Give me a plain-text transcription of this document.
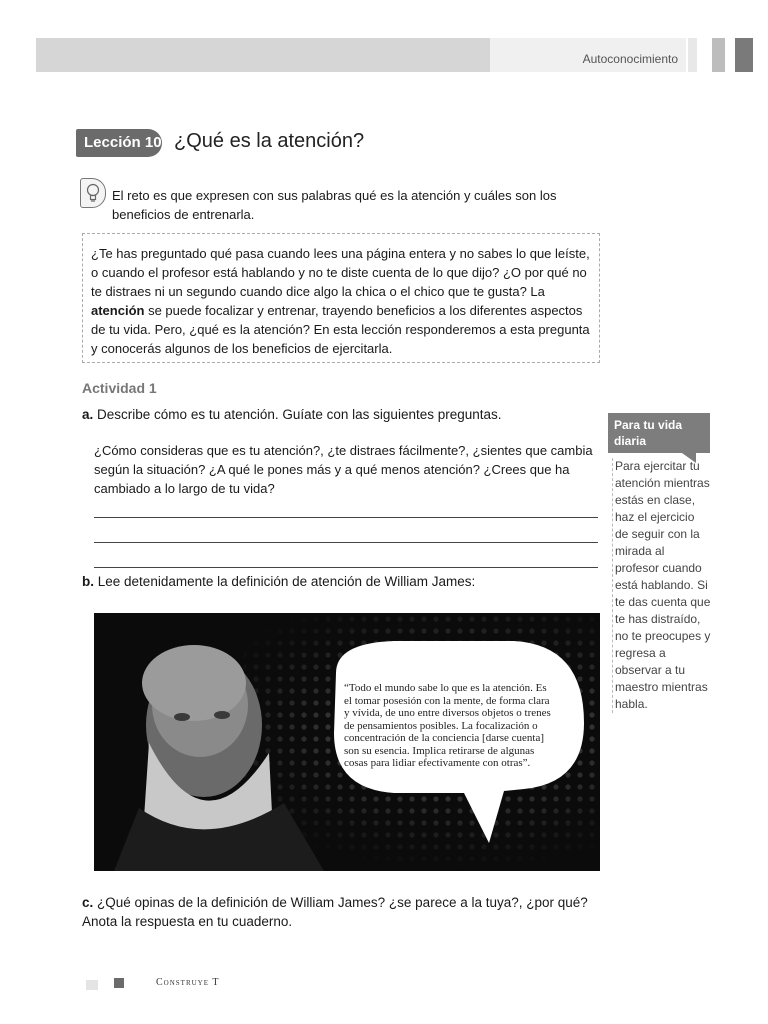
Autoconocimiento
Lección 10 ¿Qué es la atención?
El reto es que expresen con sus palabras qué es la atención y cuáles son los beneficios de entrenarla.
¿Te has preguntado qué pasa cuando lees una página entera y no sabes lo que leíste, o cuando el profesor está hablando y no te diste cuenta de lo que dijo? ¿O por qué no te distraes ni un segundo cuando dice algo la chica o el chico que te gusta? La atención se puede focalizar y entrenar, trayendo beneficios a los diferentes aspectos de tu vida. Pero, ¿qué es la atención? En esta lección responderemos a esta pregunta y conocerás algunos de los beneficios de ejercitarla.
Actividad 1
a. Describe cómo es tu atención. Guíate con las siguientes preguntas.
¿Cómo consideras que es tu atención?, ¿te distraes fácilmente?, ¿sientes que cambia según la situación? ¿A qué le pones más y a qué menos atención? ¿Crees que ha cambiado a lo largo de tu vida?
b. Lee detenidamente la definición de atención de William James:
“Todo el mundo sabe lo que es la atención. Es el tomar posesión con la mente, de forma clara y vívida, de uno entre diversos objetos o trenes de pensamientos posibles. La focalización o concentración de la conciencia [darse cuenta] son su esencia. Implica retirarse de algunas cosas para lidiar efectivamente con otras”.
c. ¿Qué opinas de la definición de William James? ¿se parece a la tuya?, ¿por qué? Anota la respuesta en tu cuaderno.
Para tu vida diaria
Para ejercitar tu atención mientras estás en clase, haz el ejercicio de seguir con la mirada al profesor cuando está hablando. Si te das cuenta que te has distraído, no te preocupes y regresa a observar a tu maestro mientras habla.
Construye T
